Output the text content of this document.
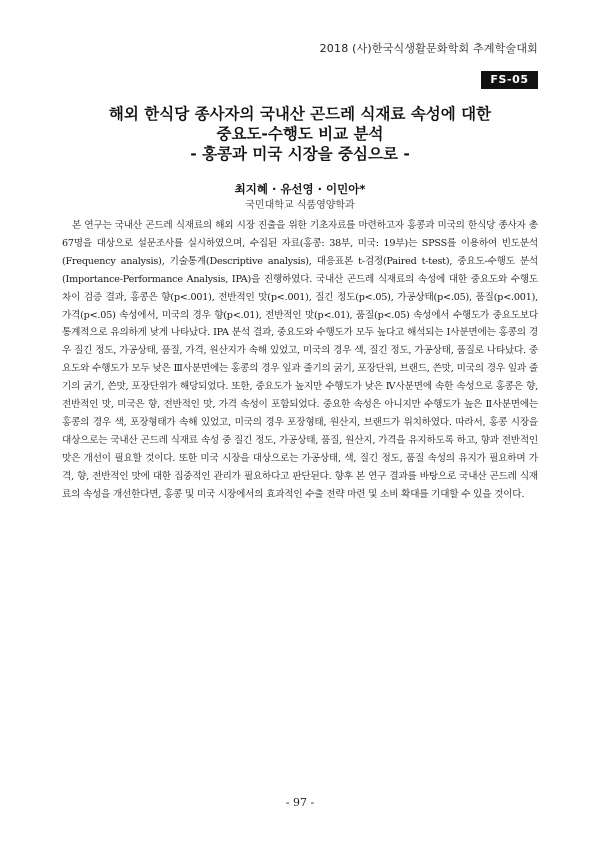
2018 (사)한국식생활문화학회 추계학술대회
FS-05
해외 한식당 종사자의 국내산 곤드레 식재료 속성에 대한
중요도-수행도 비교 분석
- 홍콩과 미국 시장을 중심으로 -
최지혜 · 유선영 · 이민아*
국민대학교 식품영양학과

본 연구는 국내산 곤드레 식재료의 해외 시장 진출을 위한 기초자료를 마련하고자 홍콩과 미국의 한식당 종사자 총 67명을 대상으로 설문조사를 실시하였으며, 수집된 자료(홍콩: 38부, 미국: 19부)는 SPSS를 이용하여 빈도분석(Frequency analysis), 기술통계(Descriptive analysis), 대응표본 t-검정(Paired t-test), 중요도-수행도 분석(Importance-Performance Analysis, IPA)을 진행하였다. 국내산 곤드레 식재료의 속성에 대한 중요도와 수행도 차이 검증 결과, 홍콩은 향(p<.001), 전반적인 맛(p<.001), 질긴 정도(p<.05), 가공상태(p<.05), 품질(p<.001), 가격(p<.05) 속성에서, 미국의 경우 향(p<.01), 전반적인 맛(p<.01), 품질(p<.05) 속성에서 수행도가 중요도보다 통계적으로 유의하게 낮게 나타났다. IPA 분석 결과, 중요도와 수행도가 모두 높다고 해석되는 Ⅰ사분면에는 홍콩의 경우 질긴 정도, 가공상태, 품질, 가격, 원산지가 속해 있었고, 미국의 경우 색, 질긴 정도, 가공상태, 품질로 나타났다. 중요도와 수행도가 모두 낮은 Ⅲ사분면에는 홍콩의 경우 잎과 줄기의 굵기, 포장단위, 브랜드, 쓴맛, 미국의 경우 잎과 줄기의 굵기, 쓴맛, 포장단위가 해당되었다. 또한, 중요도가 높지만 수행도가 낮은 Ⅳ사분면에 속한 속성으로 홍콩은 향, 전반적인 맛, 미국은 향, 전반적인 맛, 가격 속성이 포함되었다. 중요한 속성은 아니지만 수행도가 높은 Ⅱ사분면에는 홍콩의 경우 색, 포장형태가 속해 있었고, 미국의 경우 포장형태, 원산지, 브랜드가 위치하였다. 따라서, 홍콩 시장을 대상으로는 국내산 곤드레 식재료 속성 중 질긴 정도, 가공상태, 품질, 원산지, 가격을 유지하도록 하고, 향과 전반적인 맛은 개선이 필요할 것이다. 또한 미국 시장을 대상으로는 가공상태, 색, 질긴 정도, 품질 속성의 유지가 필요하며 가격, 향, 전반적인 맛에 대한 집중적인 관리가 필요하다고 판단된다. 향후 본 연구 결과를 바탕으로 국내산 곤드레 식재료의 속성을 개선한다면, 홍콩 및 미국 시장에서의 효과적인 수출 전략 마련 및 소비 확대를 기대할 수 있을 것이다.

- 97 -
